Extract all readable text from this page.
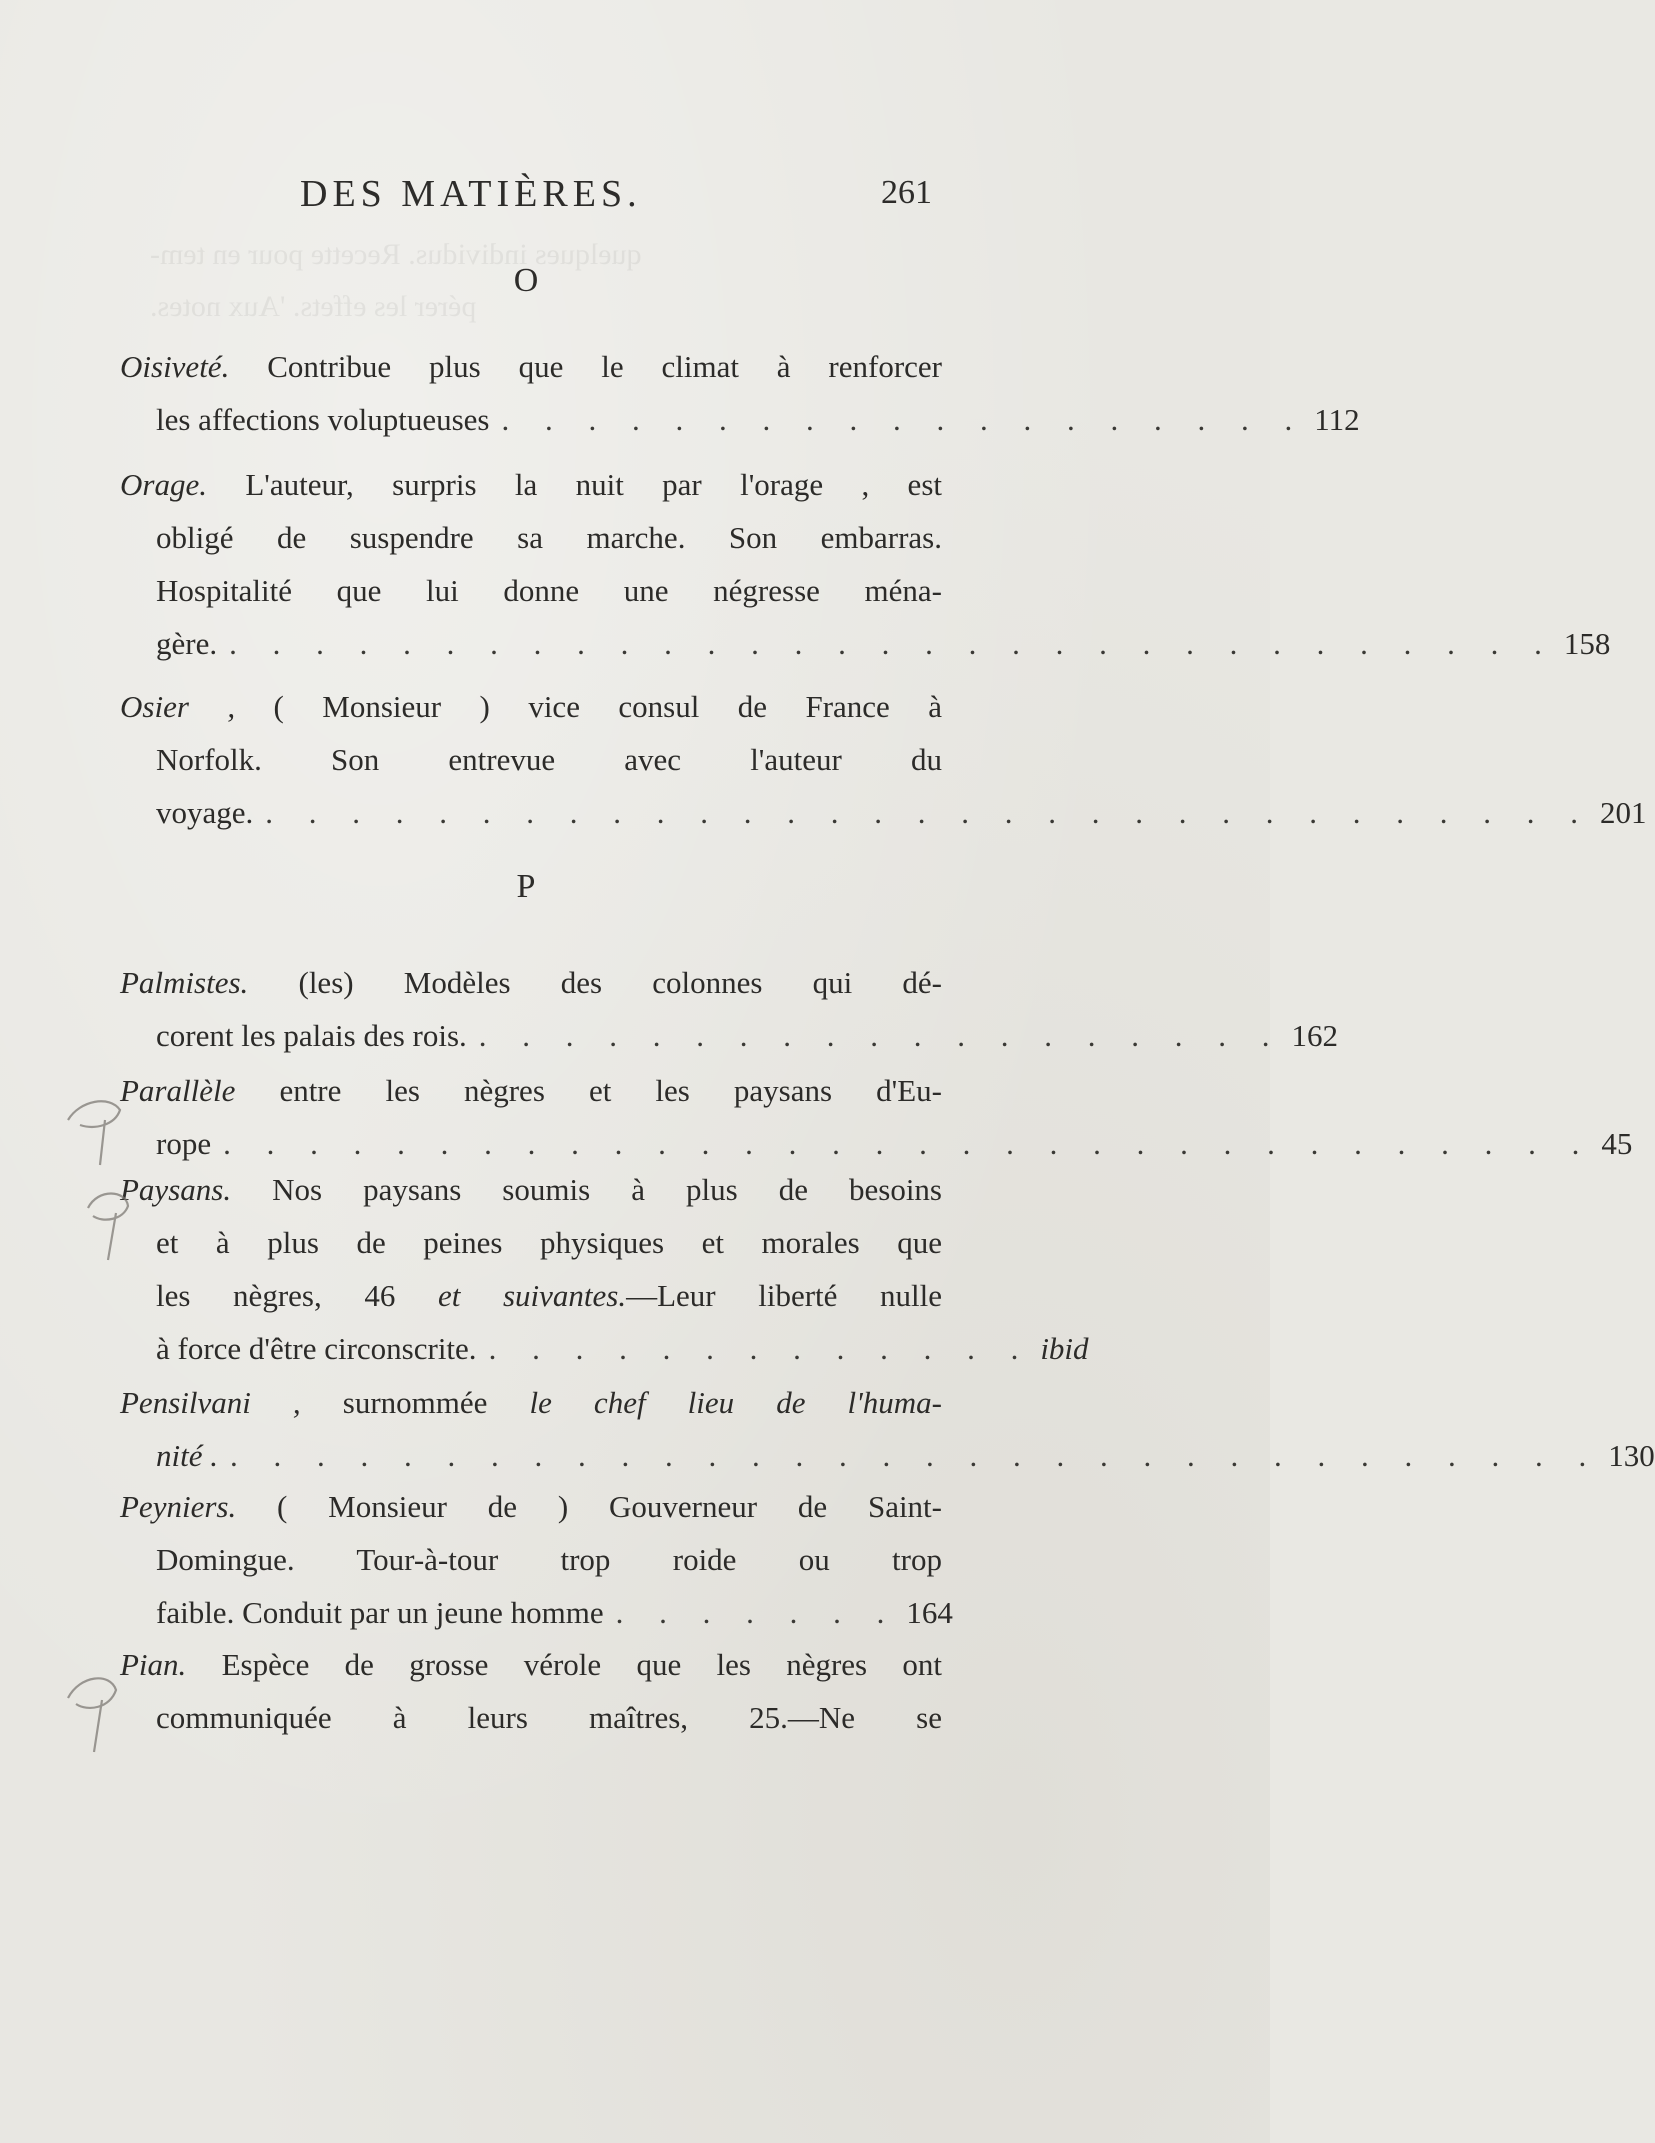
quelques individus. Recette pour en tem-
pérer les effets. 'Aux notes.
DES MATIÈRES.	261
O
Oisiveté. Contribue plus que le climat à renforcer
les affections voluptueuses . . . . . . . . . . . . . . . . . . . 112
Orage. L'auteur, surpris la nuit par l'orage , est
obligé de suspendre sa marche. Son embarras.
Hospitalité que lui donne une négresse ména-
gère. . . . . . . . . . . . . . . . . . . . . . . . . . . . . . . . 158
Osier , ( Monsieur ) vice consul de France à
Norfolk. Son entrevue avec l'auteur du
voyage. . . . . . . . . . . . . . . . . . . . . . . . . . . . . . . . 201
P
Palmistes. (les) Modèles des colonnes qui dé-
corent les palais des rois. . . . . . . . . . . . . . . . . . . . 162
Parallèle entre les nègres et les paysans d'Eu-
rope . . . . . . . . . . . . . . . . . . . . . . . . . . . . . . . . 45
Paysans. Nos paysans soumis à plus de besoins
et à plus de peines physiques et morales que
les nègres, 46 et suivantes.—Leur liberté nulle
à force d'être circonscrite. . . . . . . . . . . . . . ibid
Pensilvani , surnommée le chef lieu de l'huma-
nité . . . . . . . . . . . . . . . . . . . . . . . . . . . . . . . . . 130
Peyniers. ( Monsieur de ) Gouverneur de Saint-
Domingue. Tour-à-tour trop roide ou trop
faible. Conduit par un jeune homme . . . . . . . 164
Pian. Espèce de grosse vérole que les nègres ont
communiquée à leurs maîtres, 25.—Ne se
